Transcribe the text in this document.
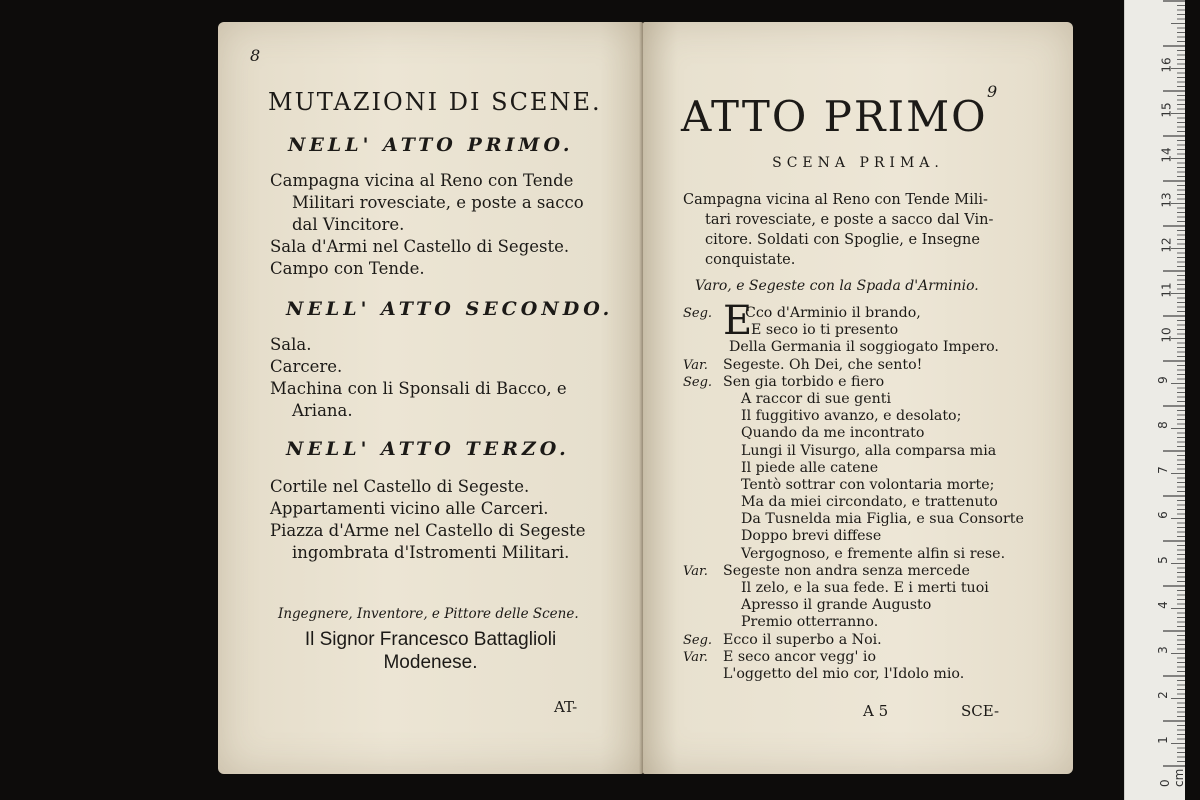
8
MUTAZIONI DI SCENE.
NELL' ATTO PRIMO.
Campagna vicina al Reno con Tende
Militari rovesciate, e poste a sacco
dal Vincitore.
Sala d'Armi nel Castello di Segeste.
Campo con Tende.
NELL' ATTO SECONDO.
Sala.
Carcere.
Machina con li Sponsali di Bacco, e
Ariana.
NELL' ATTO TERZO.
Cortile nel Castello di Segeste.
Appartamenti vicino alle Carceri.
Piazza d'Arme nel Castello di Segeste
ingombrata d'Istromenti Militari.
Ingegnere, Inventore, e Pittore delle Scene.
Il Signor Francesco Battaglioli
Modenese.
AT-
9
ATTO PRIMO
SCENA PRIMA.
Campagna vicina al Reno con Tende Mili-
tari rovesciate, e poste a sacco dal Vin-
citore. Soldati con Spoglie, e Insegne
conquistate.
Varo, e Segeste con la Spada d'Arminio.
E
Seg. Cco d'Arminio il brando,
E seco io ti presento
Della Germania il soggiogato Impero.
Var. Segeste. Oh Dei, che sento!
Seg. Sen gia torbido e fiero
A raccor di sue genti
Il fuggitivo avanzo, e desolato;
Quando da me incontrato
Lungi il Visurgo, alla comparsa mia
Il piede alle catene
Tentò sottrar con volontaria morte;
Ma da miei circondato, e trattenuto
Da Tusnelda mia Figlia, e sua Consorte
Doppo brevi diffese
Vergognoso, e fremente alfin si rese.
Var. Segeste non andra senza mercede
Il zelo, e la sua fede. E i merti tuoi
Apresso il grande Augusto
Premio otterranno.
Seg. Ecco il superbo a Noi.
Var. E seco ancor vegg' io
L'oggetto del mio cor, l'Idolo mio.
A 5	SCE-
0 cm
1
2
3
4
5
6
7
8
9
10
11
12
13
14
15
16
